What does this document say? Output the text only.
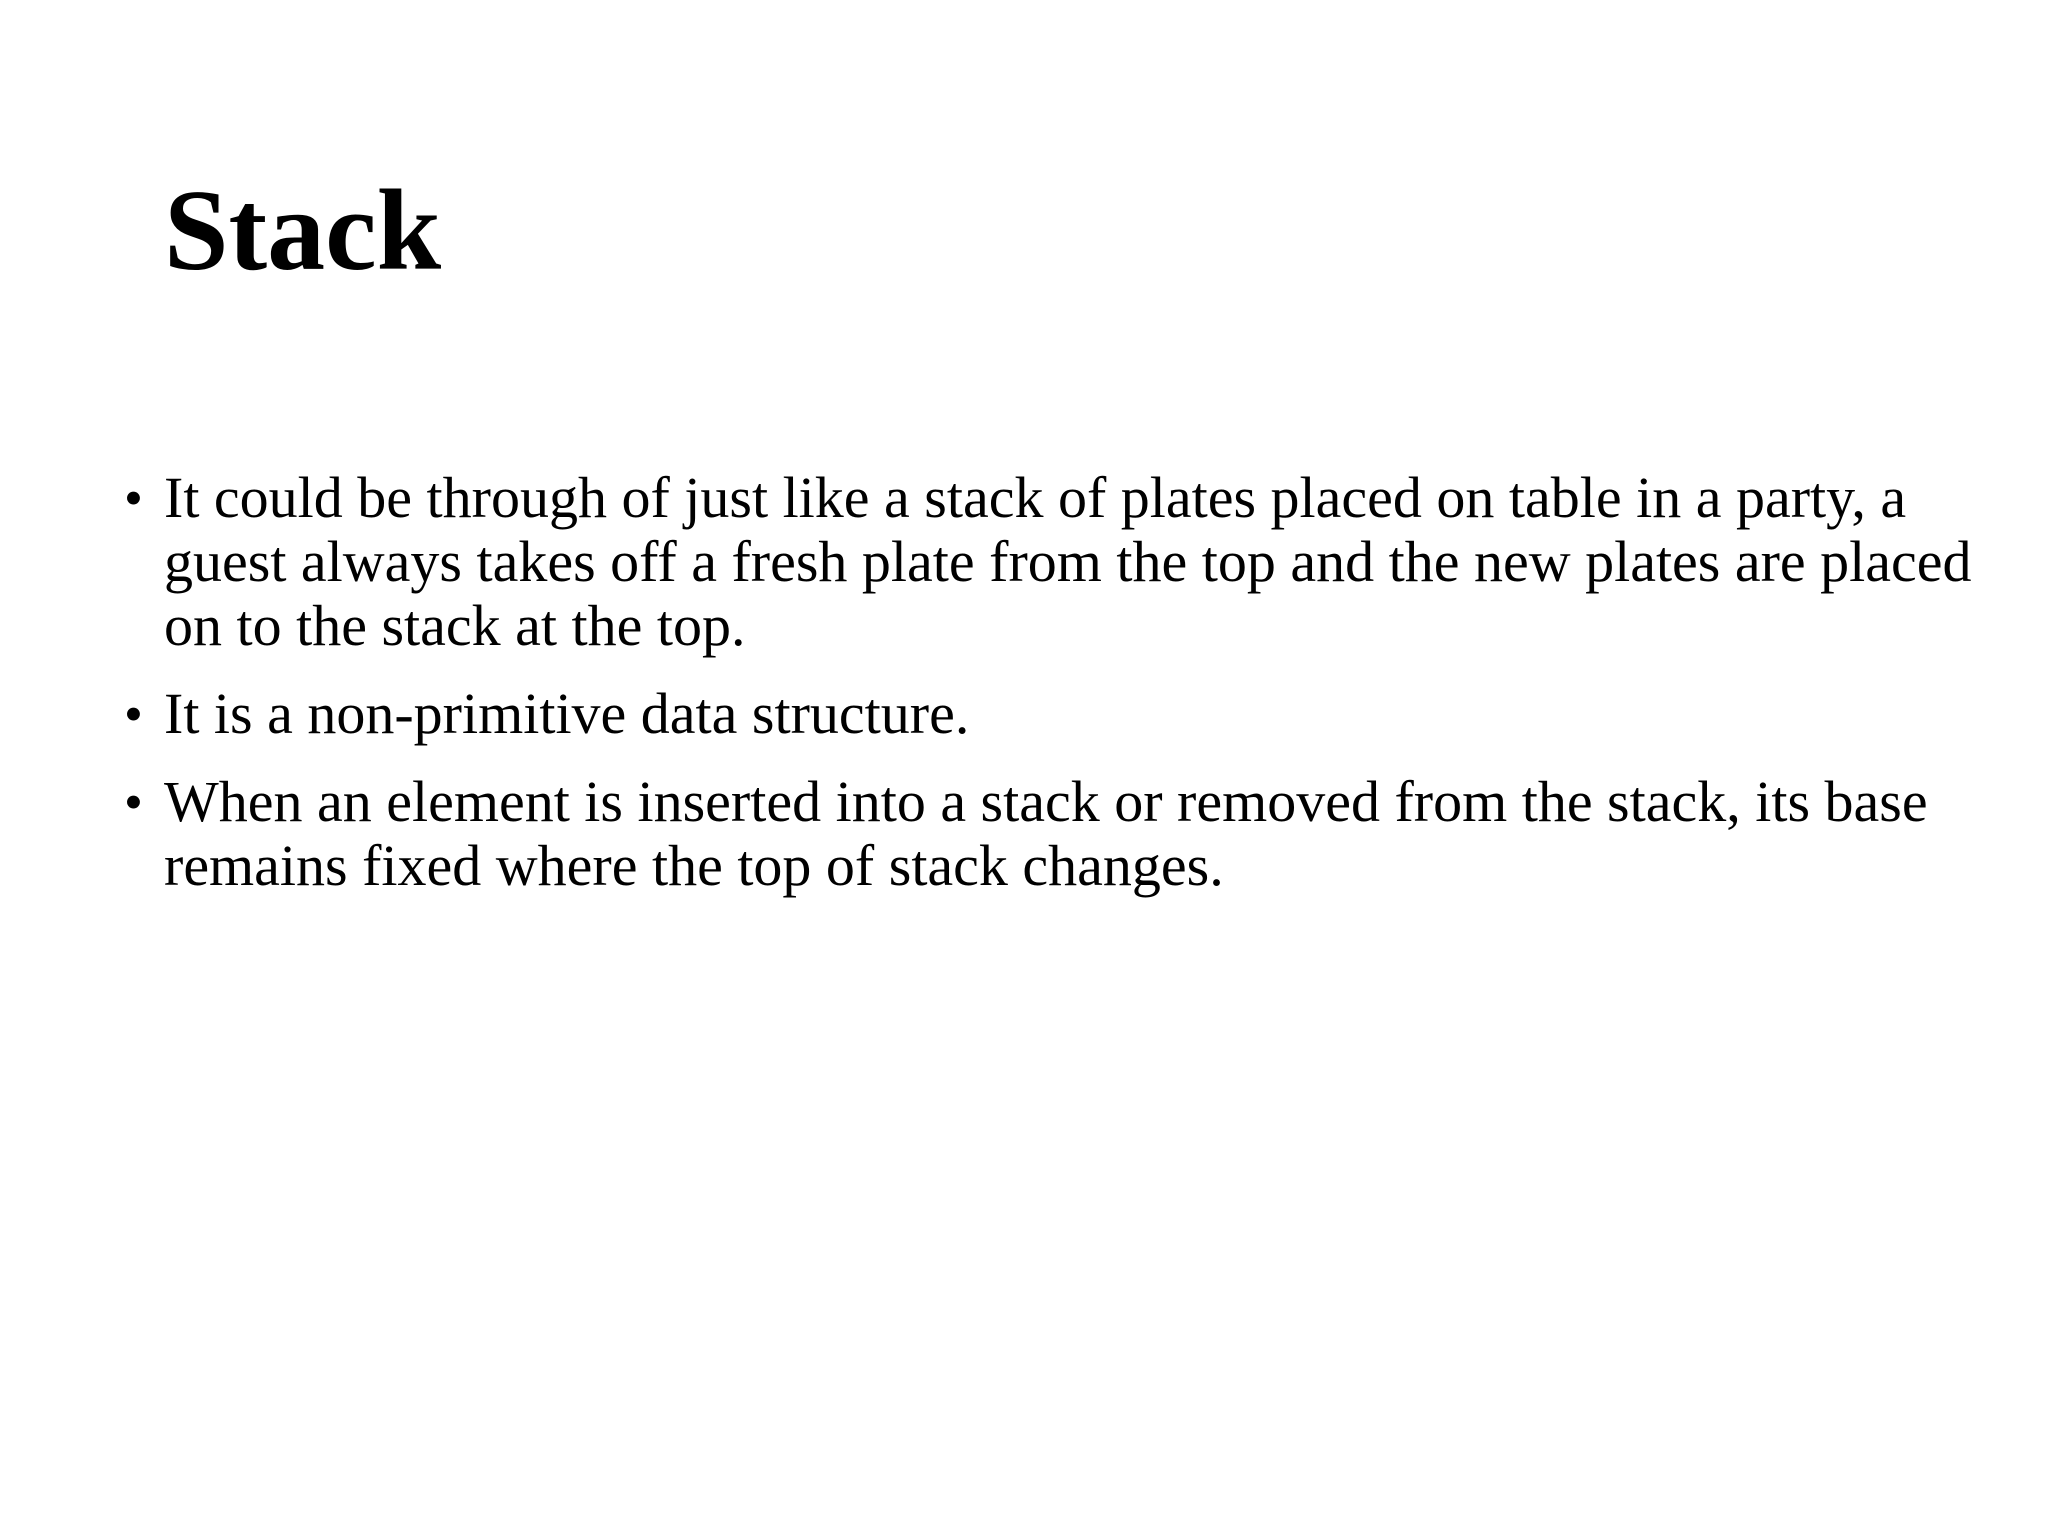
Stack
• It could be through of just like a stack of plates placed on table in a party, a guest always takes off a fresh plate from the top and the new plates are placed on to the stack at the top.
• It is a non-primitive data structure.
• When an element is inserted into a stack or removed from the stack, its base remains fixed where the top of stack changes.
